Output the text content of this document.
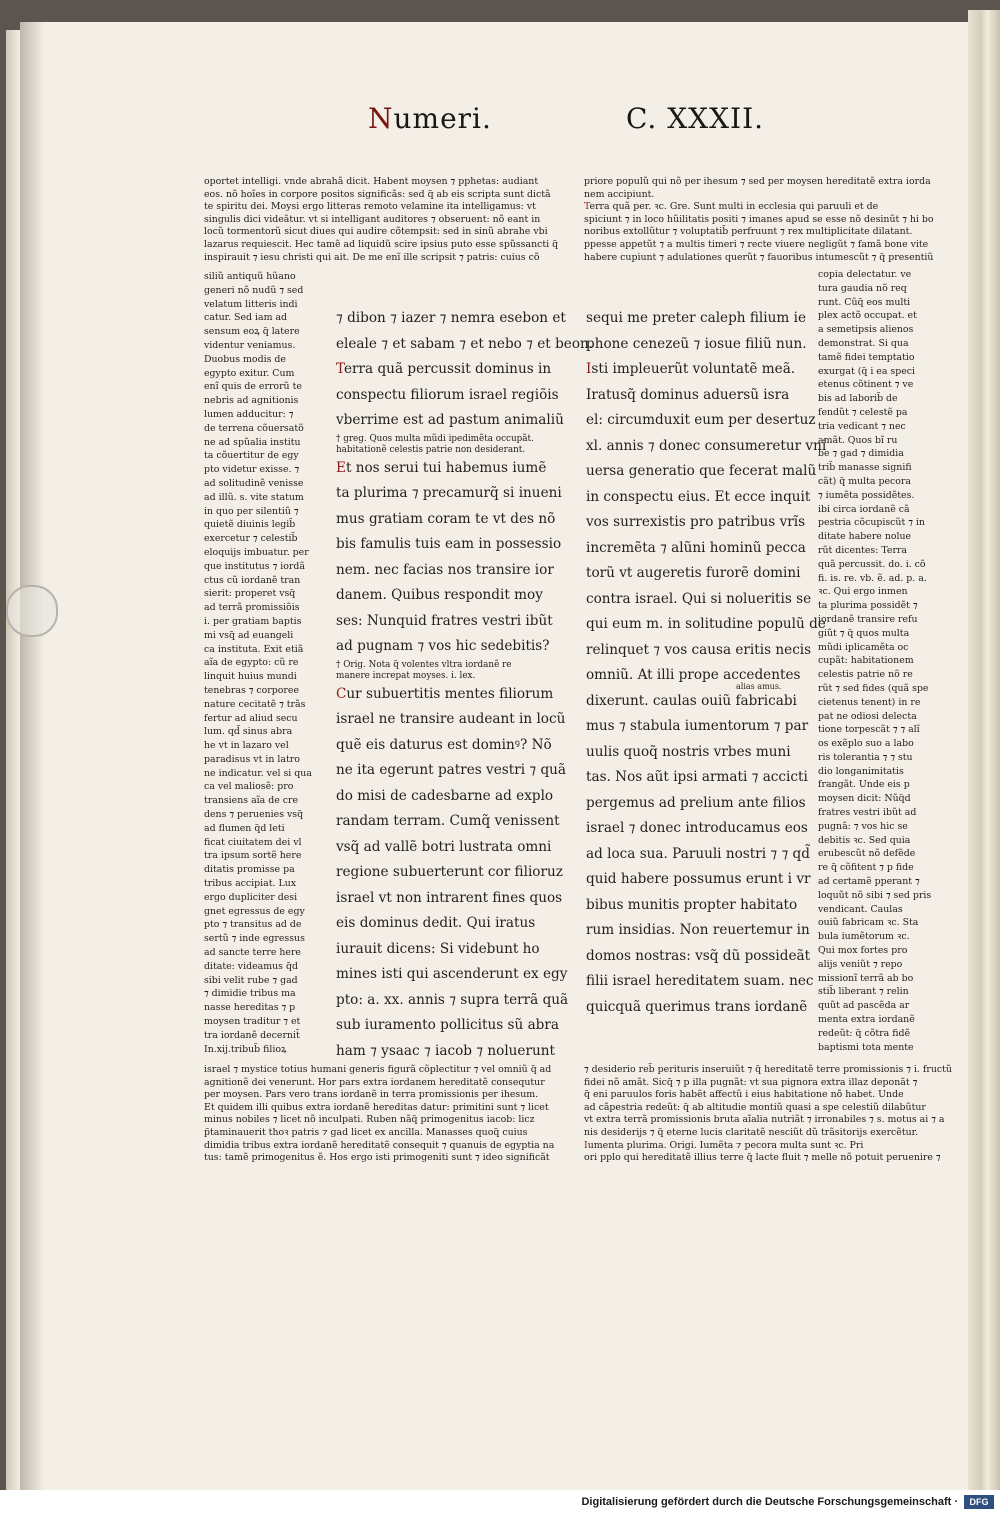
Numeri.	C. XXXII.
oportet intelligi. vnde abrahã dicit. Habent moysen ⁊ pphetas: audiant
eos. nõ hoĩes in corpore positos significãs: sed q̃ ab eis scripta sunt dictã
te spiritu dei. Moysi ergo litteras remoto velamine ita intelligamus: vt
singulis dici videãtur. vt si intelligant auditores ⁊ obseruent: nõ eant in
locũ tormentorũ sicut diues qui audire cõtempsit: sed in sinũ abrahe vbi
lazarus requiescit. Hec tamẽ ad liquidũ scire ipsius puto esse spũssancti q̃
inspirauit ⁊ iesu christi qui ait. De me enĩ ille scripsit ⁊ patris: cuius cõ
siliũ antiquũ hũano
generi nõ nudũ ⁊ sed
velatum litteris indi
catur. Sed iam ad
sensum eoꝝ q̃ latere
videntur veniamus.
Duobus modis de
egypto exitur. Cum
enĩ quis de errorũ te
nebris ad agnitionis
lumen adducitur: ⁊
de terrena cõuersatõ
ne ad spũalia institu
ta cõuertitur de egy
pto videtur exisse. ⁊
ad solitudinẽ venisse
ad illũ. s. vite statum
in quo per silentiũ ⁊
quietẽ diuinis legib̃
exercetur ⁊ celestib̃
eloquijs imbuatur. per
que institutus ⁊ iordã
ctus cũ iordanẽ tran
sierit: properet vsq̃
ad terrã promissiõis
i. per gratiam baptis
mi vsq̃ ad euangeli
ca instituta. Exit etiã
aĩa de egypto: cũ re
linquit huius mundi
tenebras ⁊ corporee
nature cecitatẽ ⁊ trãs
fertur ad aliud secu
lum. qd̃ sinus abra
he vt in lazaro vel
paradisus vt in latro
ne indicatur. vel si qua
ca vel maliosẽ: pro
transiens aĩa de cre
dens ⁊ peruenies vsq̃
ad flumen q̃d leti
ficat ciuitatem dei vl
tra ipsum sortẽ here
ditatis promisse pa
tribus accipiat. Lux
ergo dupliciter desi
gnet egressus de egy
pto ⁊ transitus ad de
sertũ ⁊ inde egressus
ad sancte terre here
ditate: videamus q̃d
sibi velit rube ⁊ gad
⁊ dimidie tribus ma
nasse hereditas ⁊ p
moysen traditur ⁊ et
tra iordanẽ decernit̃
In.xij.tribub̃ filioꝝ
⁊ dibon ⁊ iazer ⁊ nemra esebon et
eleale ⁊ et sabam ⁊ et nebo ⁊ et beon.
Terra quã percussit dominus in
conspectu filiorum israel regiõis
vberrime est ad pastum animaliũ
† greg. Quos multa mũdi ipedimẽta occupãt.
habitationẽ celestis patrie non desiderant.
Et nos serui tui habemus iumẽ
ta plurima ⁊ precamurq̃ si inueni
mus gratiam coram te vt des nõ
bis famulis tuis eam in possessio
nem. nec facias nos transire ior
danem. Quibus respondit moy
ses: Nunquid fratres vestri ibũt
ad pugnam ⁊ vos hic sedebitis?
† Orig. Nota q̃ volentes vltra iordanẽ re
manere increpat moyses. i. lex.
Cur subuertitis mentes filiorum
israel ne transire audeant in locũ
quẽ eis daturus est dominꝰ? Nõ
ne ita egerunt patres vestri ⁊ quã
do misi de cadesbarne ad explo
randam terram. Cumq̃ venissent
vsq̃ ad vallẽ botri lustrata omni
regione subuerterunt cor filioruz
israel vt non intrarent fines quos
eis dominus dedit. Qui iratus
iurauit dicens: Si videbunt ho
mines isti qui ascenderunt ex egy
pto: a. xx. annis ⁊ supra terrã quã
sub iuramento pollicitus sũ abra
ham ⁊ ysaac ⁊ iacob ⁊ noluerunt
sequi me preter caleph filium ie
phone cenezeũ ⁊ iosue filiũ nun.
Isti impleuerũt voluntatẽ meã.
Iratusq̃ dominus aduersũ isra
el: circumduxit eum per desertuz
xl. annis ⁊ donec consumeretur vni
uersa generatio que fecerat malũ
in conspectu eius. Et ecce inquit
vos surrexistis pro patribus vrĩs
incremẽta ⁊ alũni hominũ pecca
torũ vt augeretis furorẽ domini
contra israel. Qui si nolueritis se
qui eum m. in solitudine populũ de
relinquet ⁊ vos causa eritis necis
omniũ. At illi prope accedentes
dixerunt. caulas ouiũ fabricabi
mus ⁊ stabula iumentorum ⁊ par
uulis quoq̃ nostris vrbes muni
tas. Nos aũt ipsi armati ⁊ accicti
pergemus ad prelium ante filios
israel ⁊ donec introducamus eos
ad loca sua. Paruuli nostri ⁊ ⁊ qd̃
quid habere possumus erunt i vr
bibus munitis propter habitato
rum insidias. Non reuertemur in
domos nostras: vsq̃ dũ possideãt
filii israel hereditatem suam. nec
quicquã querimus trans iordanẽ
alias amus.
priore populũ qui nõ per ihesum ⁊ sed per moysen hereditatẽ extra iorda
nem accipiunt.
Terra quã per. ꝛc. Gre. Sunt multi in ecclesia qui paruuli et de
spiciunt ⁊ in loco hũilitatis positi ⁊ imanes apud se esse nõ desinũt ⁊ hi bo
noribus extollũtur ⁊ voluptatib̃ perfruunt ⁊ rex multiplicitate dilatant.
ppesse appetũt ⁊ a multis timeri ⁊ recte viuere negligũt ⁊ famã bone vite
habere cupiunt ⁊ adulationes querũt ⁊ fauoribus intumescũt ⁊ q̃ presentiũ
copia delectatur. ve
tura gaudia nõ req
runt. Cũq̃ eos multi
plex actõ occupat. et
a semetipsis alienos
demonstrat. Si qua
tamẽ fidei temptatio
exurgat (q̃ i ea speci
etenus cõtinent ⁊ ve
bis ad laborib̃ de
fendũt ⁊ celestẽ pa
tria vedicant ⁊ nec
amãt. Quos bĩ ru
be ⁊ gad ⁊ dimidia
trib̃ manasse signifi
cãt) q̃ multa pecora
⁊ iumẽta possidẽtes.
ibi circa iordanẽ cã
pestria cõcupiscũt ⁊ in
ditate habere nolue
rũt dicentes: Terra
quã percussit. do. i. cõ
fi. is. re. vb. ẽ. ad. p. a.
ꝛc. Qui ergo inmen
ta plurima possidẽt ⁊
iordanẽ transire refu
giũt ⁊ q̃ quos multa
mũdi iplicamẽta oc
cupãt: habitationem
celestis patrie nõ re
rũt ⁊ sed fides (quã spe
cietenus tenent) in re
pat ne odiosi delecta
tione torpescãt ⁊ ⁊ alĩ
os exẽplo suo a labo
ris tolerantia ⁊ ⁊ stu
dio longanimitatis
frangãt. Unde eis p
moysen dicit: Nũq̃d
fratres vestri ibũt ad
pugnã: ⁊ vos hic se
debitis ꝛc. Sed quia
erubescũt nõ defẽde
re q̃ cõfitent ⁊ p fide
ad certamẽ pperant ⁊
loquũt nõ sibi ⁊ sed pris
vendicant. Caulas
ouiũ fabricam ꝛc. Sta
bula iumẽtorum ꝛc.
Qui mox fortes pro
alijs veniũt ⁊ repo
missionĩ terrã ab bo
stib̃ liberant ⁊ relin
quũt ad pascẽda ar
menta extra iordanẽ
redeũt: q̃ cõtra fidẽ
baptismi tota mente
israel ⁊ mystice totius humani generis figurã cõplectitur ⁊ vel omniũ q̃ ad
agnitionẽ dei venerunt. Hor pars extra iordanem hereditatẽ consequtur
per moysen. Pars vero trans iordanẽ in terra promissionis per ihesum.
Et quidem illi quibus extra iordanẽ hereditas datur: primitini sunt ⁊ licet
minus nobiles ⁊ licet nõ inculpati. Ruben nãq̃ primogenitus iacob: licz
p̃taminauerit thoꝛ patris ⁊ gad licet ex ancilla. Manasses quoq̃ cuius
dimidia tribus extra iordanẽ hereditatẽ consequit ⁊ quanuis de egyptia na
tus: tamẽ primogenitus ẽ. Hos ergo isti primogeniti sunt ⁊ ideo significãt
⁊ desiderio reb̃ perituris inseruiũt ⁊ q̃ hereditatẽ terre promissionis ⁊ i. fructũ
fidei nõ amãt. Sicq̃ ⁊ p illa pugnãt: vt sua pignora extra illaz deponãt ⁊
q̃ eni paruulos foris habẽt affectũ i eius habitatione nõ habet. Unde
ad cãpestria redeũt: q̃ ab altitudie montiũ quasi a spe celestiũ dilabũtur
vt extra terrã promissionis bruta aĩalia nutriãt ⁊ irronabiles ⁊ s. motus ai ⁊ a
nis desiderijs ⁊ q̃ eterne lucis claritatẽ nesciũt dũ trãsitorijs exercẽtur.
Iumenta plurima. Origi. Iumẽta ⁊ pecora multa sunt ꝛc. Pri
ori pplo qui hereditatẽ illius terre q̃ lacte fluit ⁊ melle nõ potuit peruenire ⁊
Digitalisierung gefördert durch die Deutsche Forschungsgemeinschaft ·	DFG
